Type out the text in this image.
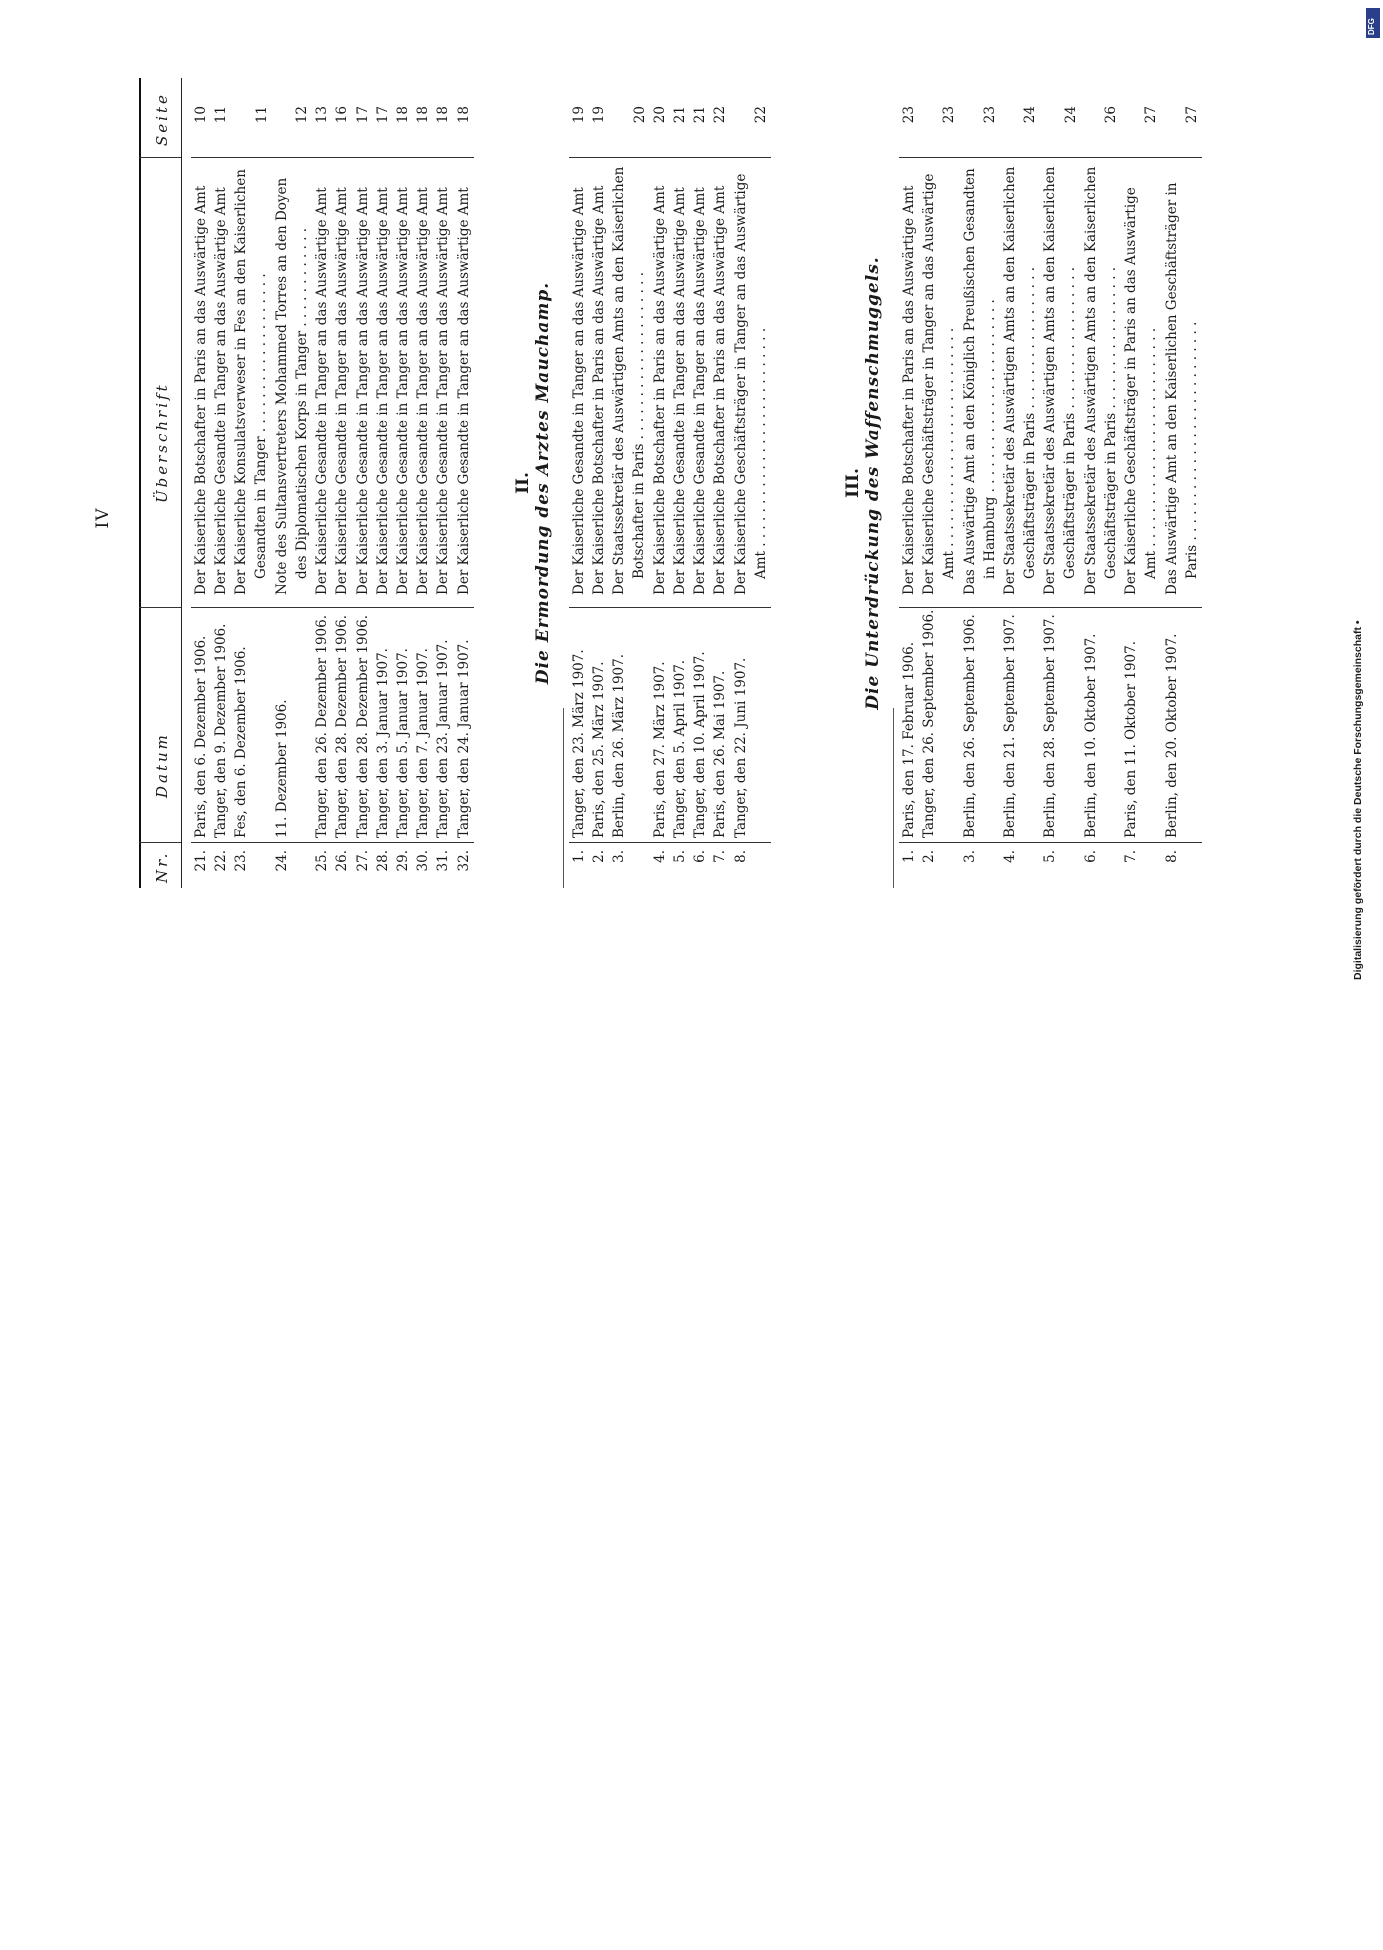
IV
Nr.
Datum
Überschrift
Seite
21.
Paris, den 6. Dezember 1906.
Der Kaiserliche Botschafter in Paris an das Auswärtige Amt
10
22.
Tanger, den 9. Dezember 1906.
Der Kaiserliche Gesandte in Tanger an das Auswärtige Amt
11
23.
Fes, den 6. Dezember 1906.
Der Kaiserliche Konsulatsverweser in Fes an den Kaiserlichen Gesandten in Tanger . . . . . . . . . . . . . . . . . . .
11
24.
11. Dezember 1906.
Note des Sultansvertreters Mohammed Torres an den Doyen des Diplomatischen Korps in Tanger . . . . . . . . . . . .
12
25.
Tanger, den 26. Dezember 1906.
Der Kaiserliche Gesandte in Tanger an das Auswärtige Amt
13
26.
Tanger, den 28. Dezember 1906.
Der Kaiserliche Gesandte in Tanger an das Auswärtige Amt
16
27.
Tanger, den 28. Dezember 1906.
Der Kaiserliche Gesandte in Tanger an das Auswärtige Amt
17
28.
Tanger, den 3. Januar 1907.
Der Kaiserliche Gesandte in Tanger an das Auswärtige Amt
17
29.
Tanger, den 5. Januar 1907.
Der Kaiserliche Gesandte in Tanger an das Auswärtige Amt
18
30.
Tanger, den 7. Januar 1907.
Der Kaiserliche Gesandte in Tanger an das Auswärtige Amt
18
31.
Tanger, den 23. Januar 1907.
Der Kaiserliche Gesandte in Tanger an das Auswärtige Amt
18
32.
Tanger, den 24. Januar 1907.
Der Kaiserliche Gesandte in Tanger an das Auswärtige Amt
18
II. Die Ermordung des Arztes Mauchamp.
1.
Tanger, den 23. März 1907.
Der Kaiserliche Gesandte in Tanger an das Auswärtige Amt
19
2.
Paris, den 25. März 1907.
Der Kaiserliche Botschafter in Paris an das Auswärtige Amt
19
3.
Berlin, den 26. März 1907.
Der Staatssekretär des Auswärtigen Amts an den Kaiserlichen Botschafter in Paris . . . . . . . . . . . . . . . . . . . .
20
4.
Paris, den 27. März 1907.
Der Kaiserliche Botschafter in Paris an das Auswärtige Amt
20
5.
Tanger, den 5. April 1907.
Der Kaiserliche Gesandte in Tanger an das Auswärtige Amt
21
6.
Tanger, den 10. April 1907.
Der Kaiserliche Gesandte in Tanger an das Auswärtige Amt
21
7.
Paris, den 26. Mai 1907.
Der Kaiserliche Botschafter in Paris an das Auswärtige Amt
22
8.
Tanger, den 22. Juni 1907.
Der Kaiserliche Geschäftsträger in Tanger an das Auswärtige Amt . . . . . . . . . . . . . . . . . . . . . . . . . .
22
III. Die Unterdrückung des Waffenschmuggels.
1.
Paris, den 17. Februar 1906.
Der Kaiserliche Botschafter in Paris an das Auswärtige Amt
23
2.
Tanger, den 26. September 1906.
Der Kaiserliche Geschäftsträger in Tanger an das Auswärtige Amt . . . . . . . . . . . . . . . . . . . . . . . . . .
23
3.
Berlin, den 26. September 1906.
Das Auswärtige Amt an den Königlich Preußischen Gesandten in Hamburg . . . . . . . . . . . . . . . . . . . . . . .
23
4.
Berlin, den 21. September 1907.
Der Staatssekretär des Auswärtigen Amts an den Kaiserlichen Geschäftsträger in Paris . . . . . . . . . . . . . . . . .
24
5.
Berlin, den 28. September 1907.
Der Staatssekretär des Auswärtigen Amts an den Kaiserlichen Geschäftsträger in Paris . . . . . . . . . . . . . . . . .
24
6.
Berlin, den 10. Oktober 1907.
Der Staatssekretär des Auswärtigen Amts an den Kaiserlichen Geschäftsträger in Paris . . . . . . . . . . . . . . . . .
26
7.
Paris, den 11. Oktober 1907.
Der Kaiserliche Geschäftsträger in Paris an das Auswärtige Amt . . . . . . . . . . . . . . . . . . . . . . . . . .
27
8.
Berlin, den 20. Oktober 1907.
Das Auswärtige Amt an den Kaiserlichen Geschäftsträger in Paris . . . . . . . . . . . . . . . . . . . . . . . . . .
27
Digitalisierung gefördert durch die Deutsche Forschungsgemeinschaft •
DFG
